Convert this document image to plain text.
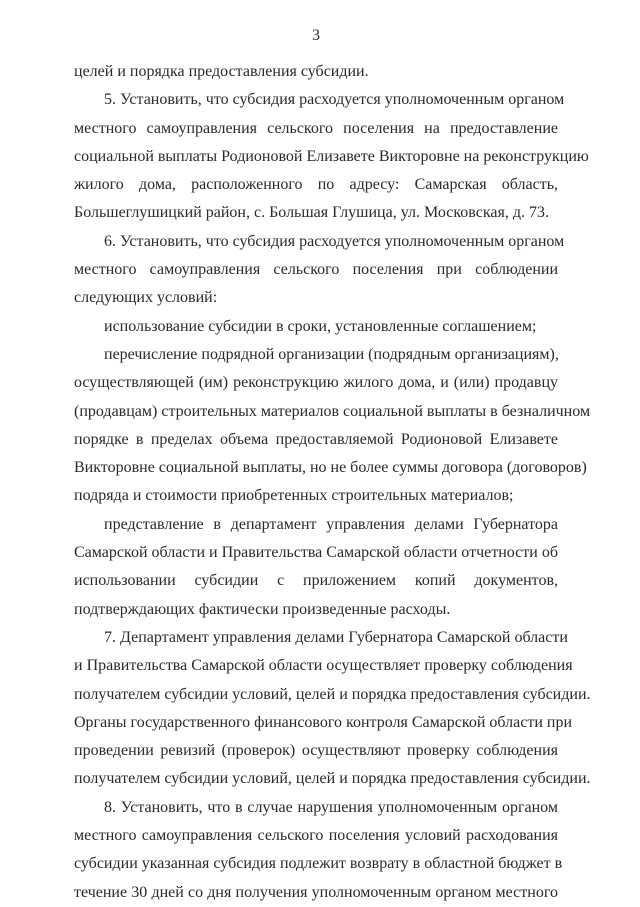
3
целей и порядка предоставления субсидии.
5. Установить, что субсидия расходуется уполномоченным органом
местного самоуправления сельского поселения на предоставление
социальной выплаты Родионовой Елизавете Викторовне на реконструкцию
жилого дома, расположенного по адресу: Самарская область,
Большеглушицкий район, с. Большая Глушица, ул. Московская, д. 73.
6. Установить, что субсидия расходуется уполномоченным органом
местного самоуправления сельского поселения при соблюдении
следующих условий:
использование субсидии в сроки, установленные соглашением;
перечисление подрядной организации (подрядным организациям),
осуществляющей (им) реконструкцию жилого дома, и (или) продавцу
(продавцам) строительных материалов социальной выплаты в безналичном
порядке в пределах объема предоставляемой Родионовой Елизавете
Викторовне социальной выплаты, но не более суммы договора (договоров)
подряда и стоимости приобретенных строительных материалов;
представление в департамент управления делами Губернатора
Самарской области и Правительства Самарской области отчетности об
использовании субсидии с приложением копий документов,
подтверждающих фактически произведенные расходы.
7. Департамент управления делами Губернатора Самарской области
и Правительства Самарской области осуществляет проверку соблюдения
получателем субсидии условий, целей и порядка предоставления субсидии.
Органы государственного финансового контроля Самарской области при
проведении ревизий (проверок) осуществляют проверку соблюдения
получателем субсидии условий, целей и порядка предоставления субсидии.
8. Установить, что в случае нарушения уполномоченным органом
местного самоуправления сельского поселения условий расходования
субсидии указанная субсидия подлежит возврату в областной бюджет в
течение 30 дней со дня получения уполномоченным органом местного
